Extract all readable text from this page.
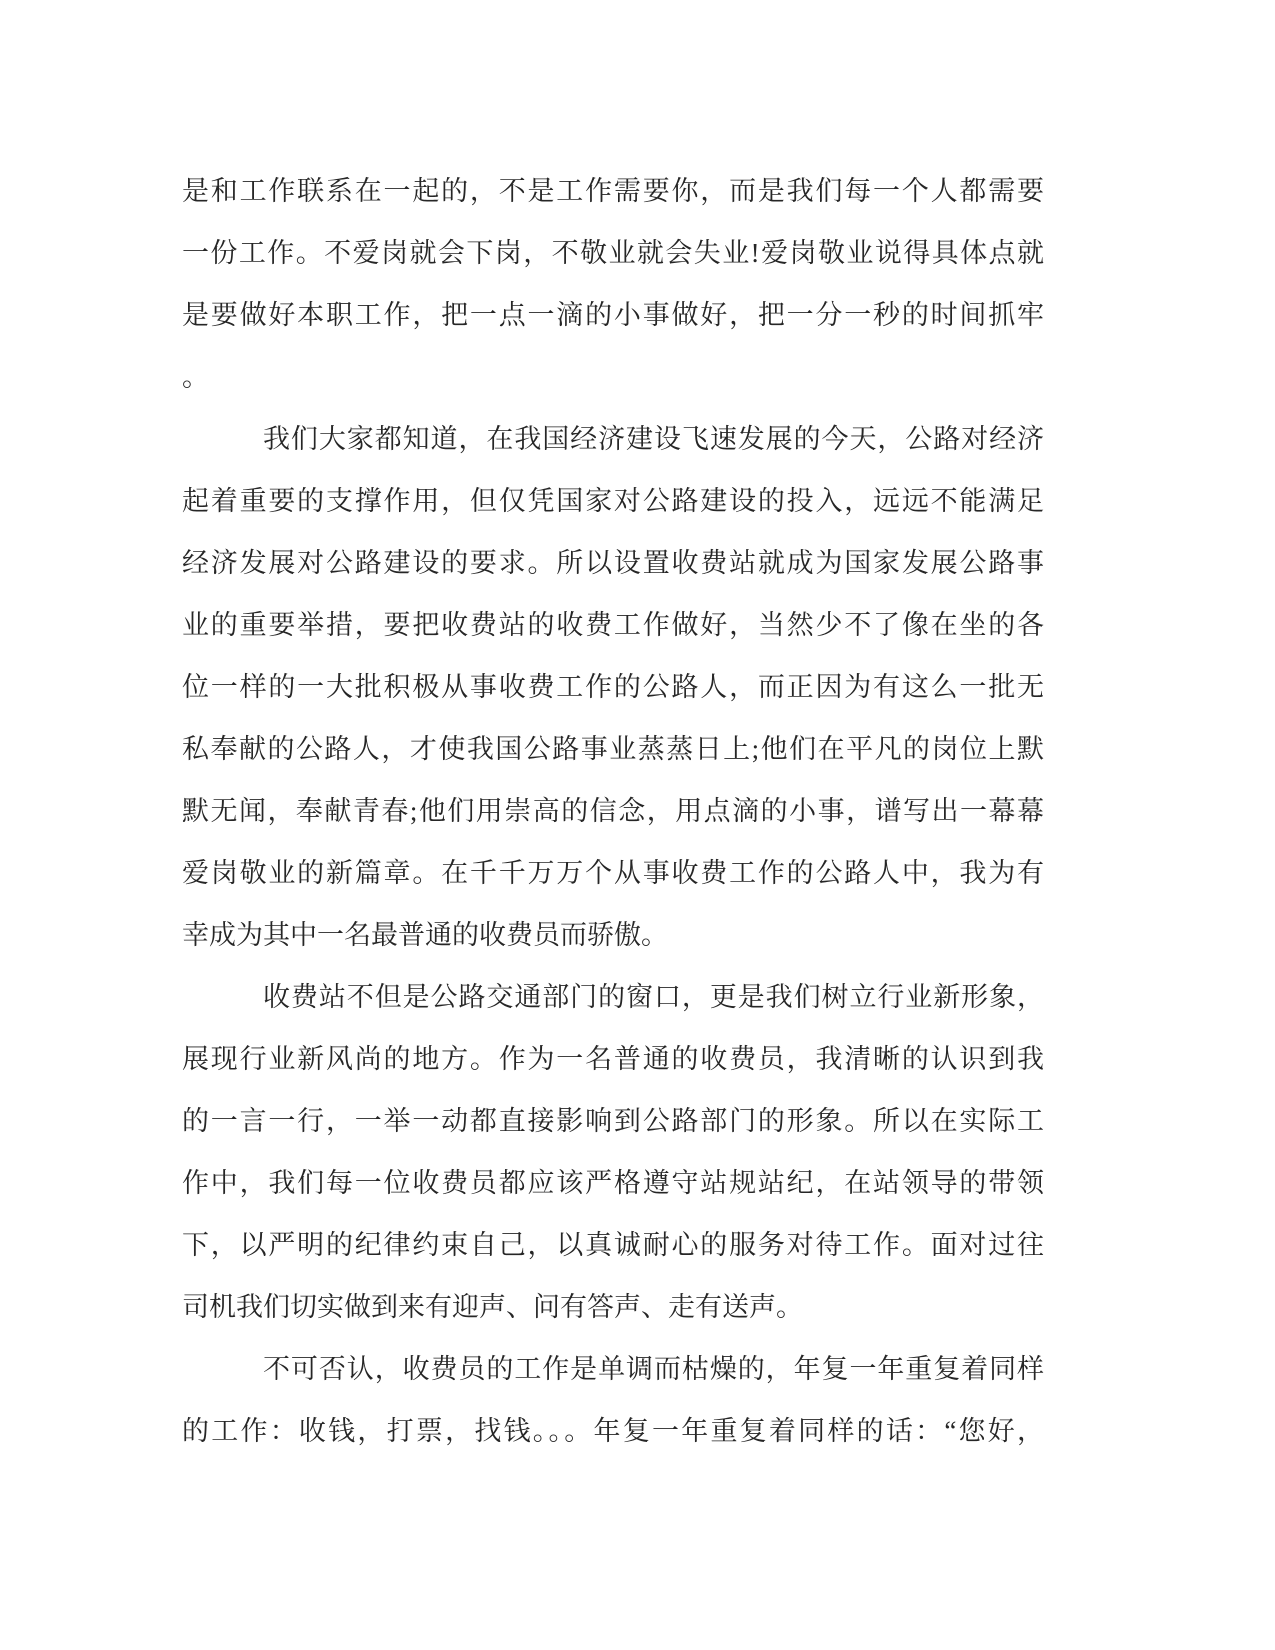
是和工作联系在一起的，不是工作需要你，而是我们每一个人都需要
一份工作。不爱岗就会下岗，不敬业就会失业!爱岗敬业说得具体点就
是要做好本职工作，把一点一滴的小事做好，把一分一秒的时间抓牢
。
我们大家都知道，在我国经济建设飞速发展的今天，公路对经济
起着重要的支撑作用，但仅凭国家对公路建设的投入，远远不能满足
经济发展对公路建设的要求。所以设置收费站就成为国家发展公路事
业的重要举措，要把收费站的收费工作做好，当然少不了像在坐的各
位一样的一大批积极从事收费工作的公路人，而正因为有这么一批无
私奉献的公路人，才使我国公路事业蒸蒸日上;他们在平凡的岗位上默
默无闻，奉献青春;他们用崇高的信念，用点滴的小事，谱写出一幕幕
爱岗敬业的新篇章。在千千万万个从事收费工作的公路人中，我为有
幸成为其中一名最普通的收费员而骄傲。
收费站不但是公路交通部门的窗口，更是我们树立行业新形象，
展现行业新风尚的地方。作为一名普通的收费员，我清晰的认识到我
的一言一行，一举一动都直接影响到公路部门的形象。所以在实际工
作中，我们每一位收费员都应该严格遵守站规站纪，在站领导的带领
下，以严明的纪律约束自己，以真诚耐心的服务对待工作。面对过往
司机我们切实做到来有迎声、问有答声、走有送声。
不可否认，收费员的工作是单调而枯燥的，年复一年重复着同样
的工作：收钱，打票，找钱。。。年复一年重复着同样的话：“您好，
